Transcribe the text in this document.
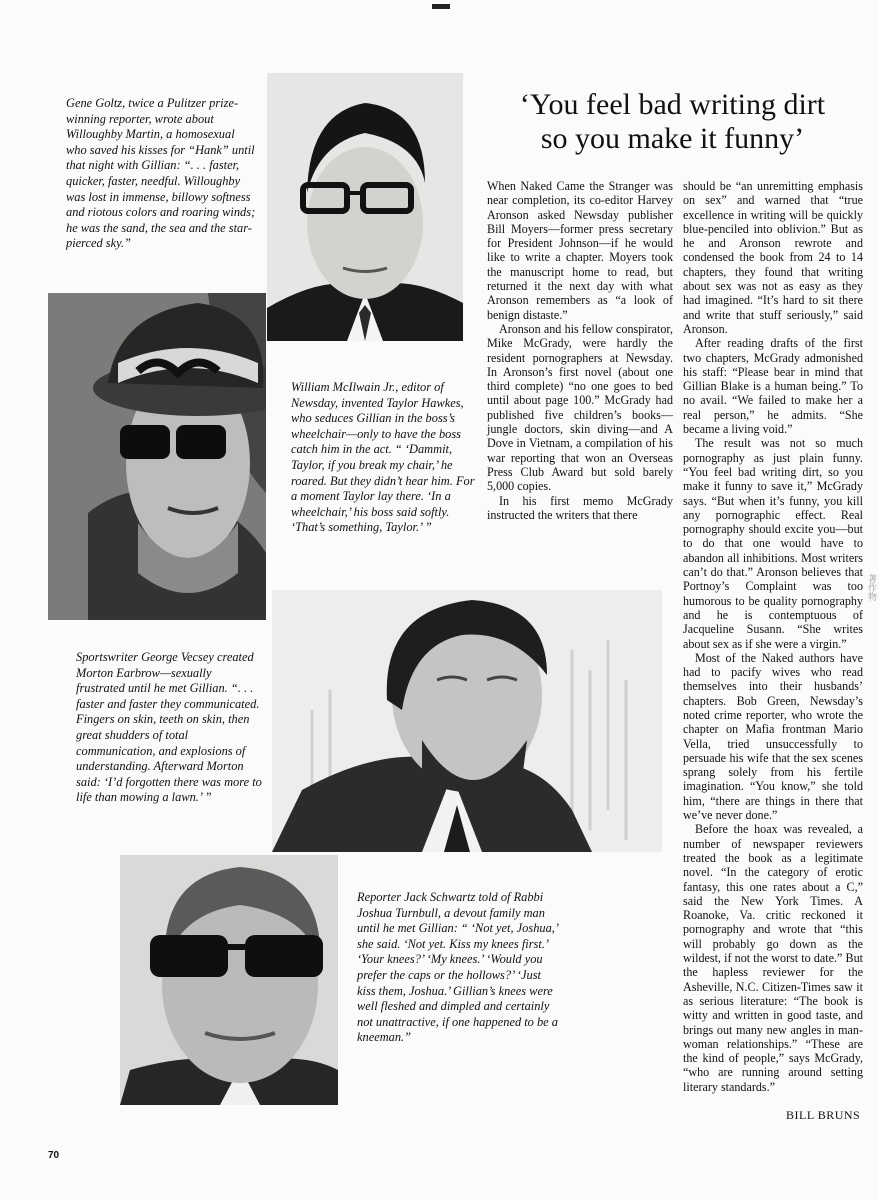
Gene Goltz, twice a Pulitzer prize-winning reporter, wrote about Willoughby Martin, a homosexual who saved his kisses for “Hank” until that night with Gillian: “. . . faster, quicker, faster, needful. Willoughby was lost in immense, billowy softness and riotous colors and roaring winds; he was the sand, the sea and the star-pierced sky.”

William McIlwain Jr., editor of Newsday, invented Taylor Hawkes, who seduces Gillian in the boss’s wheelchair—only to have the boss catch him in the act. “ ‘Dammit, Taylor, if you break my chair,’ he roared. But they didn’t hear him. For a moment Taylor lay there. ‘In a wheelchair,’ his boss said softly. ‘That’s something, Taylor.’ ”

Sportswriter George Vecsey created Morton Earbrow—sexually frustrated until he met Gillian. “. . . faster and faster they communicated. Fingers on skin, teeth on skin, then great shudders of total communication, and explosions of understanding. Afterward Morton said: ‘I’d forgotten there was more to life than mowing a lawn.’ ”

Reporter Jack Schwartz told of Rabbi Joshua Turnbull, a devout family man until he met Gillian: “ ‘Not yet, Joshua,’ she said. ‘Not yet. Kiss my knees first.’ ‘Your knees?’ ‘My knees.’ ‘Would you prefer the caps or the hollows?’ ‘Just kiss them, Joshua.’ Gillian’s knees were well fleshed and dimpled and certainly not unattractive, if one happened to be a kneeman.”

‘You feel bad writing dirt
so you make it funny’

When Naked Came the Stranger was near completion, its co-editor Harvey Aronson asked Newsday publisher Bill Moyers—former press secretary for President Johnson—if he would like to write a chapter. Moyers took the manuscript home to read, but returned it the next day with what Aronson remembers as “a look of benign distaste.”

Aronson and his fellow conspirator, Mike McGrady, were hardly the resident pornographers at Newsday. In Aronson’s first novel (about one third complete) “no one goes to bed until about page 100.” McGrady had published five children’s books—jungle doctors, skin diving—and A Dove in Vietnam, a compilation of his war reporting that won an Overseas Press Club Award but sold barely 5,000 copies.

In his first memo McGrady instructed the writers that there

should be “an unremitting emphasis on sex” and warned that “true excellence in writing will be quickly blue-penciled into oblivion.” But as he and Aronson rewrote and condensed the book from 24 to 14 chapters, they found that writing about sex was not as easy as they had imagined. “It’s hard to sit there and write that stuff seriously,” said Aronson.

After reading drafts of the first two chapters, McGrady admonished his staff: “Please bear in mind that Gillian Blake is a human being.” To no avail. “We failed to make her a real person,” he admits. “She became a living void.”

The result was not so much pornography as just plain funny. “You feel bad writing dirt, so you make it funny to save it,” McGrady says. “But when it’s funny, you kill any pornographic effect. Real pornography should excite you—but to do that one would have to abandon all inhibitions. Most writers can’t do that.” Aronson believes that Portnoy’s Complaint was too humorous to be quality pornography and he is contemptuous of Jacqueline Susann. “She writes about sex as if she were a virgin.”

Most of the Naked authors have had to pacify wives who read themselves into their husbands’ chapters. Bob Green, Newsday’s noted crime reporter, who wrote the chapter on Mafia frontman Mario Vella, tried unsuccessfully to persuade his wife that the sex scenes sprang solely from his fertile imagination. “You know,” she told him, “there are things in there that we’ve never done.”

Before the hoax was revealed, a number of newspaper reviewers treated the book as a legitimate novel. “In the category of erotic fantasy, this one rates about a C,” said the New York Times. A Roanoke, Va. critic reckoned it pornography and wrote that “this will probably go down as the wildest, if not the worst to date.” But the hapless reviewer for the Asheville, N.C. Citizen-Times saw it as serious literature: “The book is witty and written in good taste, and brings out many new angles in man-woman relationships.” “These are the kind of people,” says McGrady, “who are running around setting literary standards.”

BILL BRUNS
70
著作物
